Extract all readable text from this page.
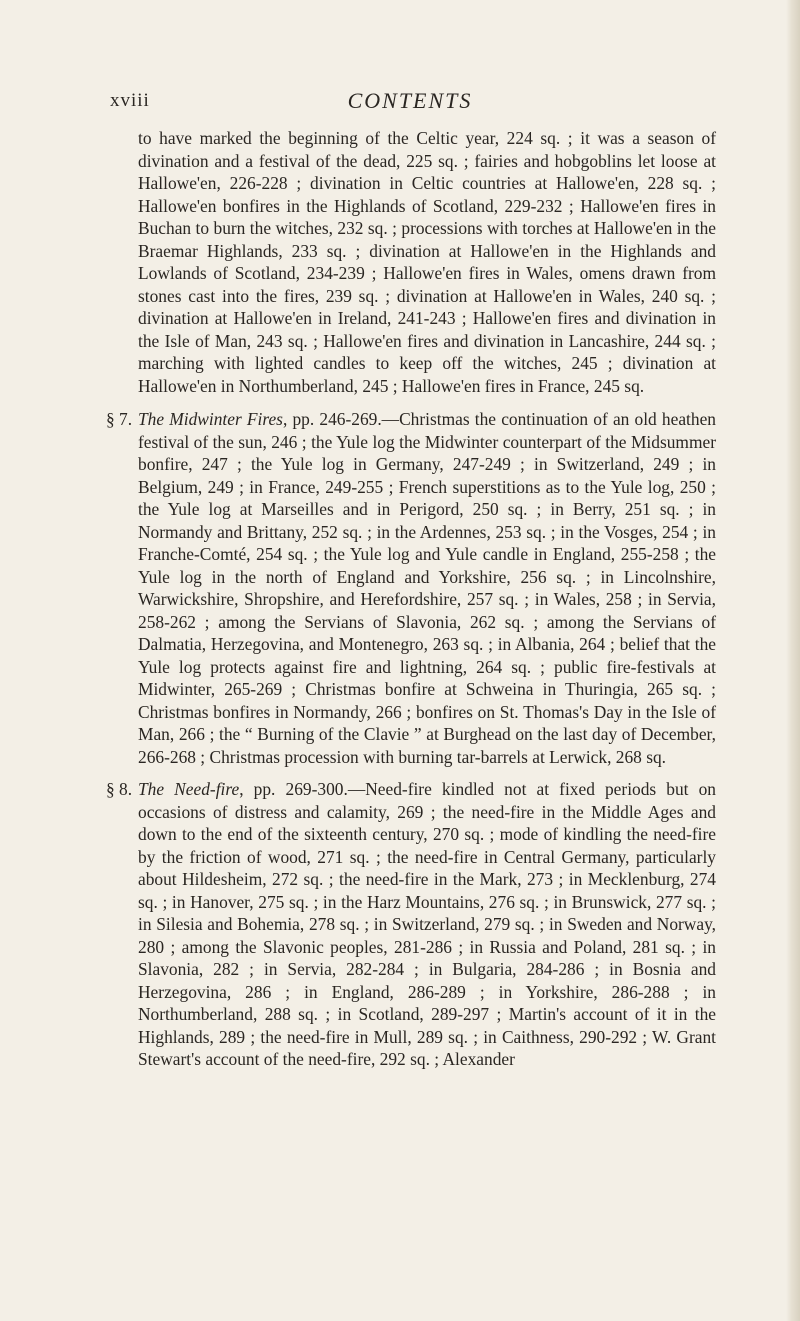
xviii	CONTENTS

to have marked the beginning of the Celtic year, 224 sq. ; it was a season of divination and a festival of the dead, 225 sq. ; fairies and hobgoblins let loose at Hallowe'en, 226-228 ; divination in Celtic countries at Hallowe'en, 228 sq. ; Hallowe'en bonfires in the Highlands of Scotland, 229-232 ; Hallowe'en fires in Buchan to burn the witches, 232 sq. ; processions with torches at Hallowe'en in the Braemar Highlands, 233 sq. ; divination at Hallowe'en in the Highlands and Lowlands of Scotland, 234-239 ; Hallowe'en fires in Wales, omens drawn from stones cast into the fires, 239 sq. ; divination at Hallowe'en in Wales, 240 sq. ; divination at Hallowe'en in Ireland, 241-243 ; Hallowe'en fires and divination in the Isle of Man, 243 sq. ; Hallowe'en fires and divination in Lancashire, 244 sq. ; marching with lighted candles to keep off the witches, 245 ; divination at Hallowe'en in Northumberland, 245 ; Hallowe'en fires in France, 245 sq.

§ 7. The Midwinter Fires, pp. 246-269.—Christmas the continuation of an old heathen festival of the sun, 246 ; the Yule log the Midwinter counterpart of the Midsummer bonfire, 247 ; the Yule log in Germany, 247-249 ; in Switzerland, 249 ; in Belgium, 249 ; in France, 249-255 ; French superstitions as to the Yule log, 250 ; the Yule log at Marseilles and in Perigord, 250 sq. ; in Berry, 251 sq. ; in Normandy and Brittany, 252 sq. ; in the Ardennes, 253 sq. ; in the Vosges, 254 ; in Franche-Comté, 254 sq. ; the Yule log and Yule candle in England, 255-258 ; the Yule log in the north of England and Yorkshire, 256 sq. ; in Lincolnshire, Warwickshire, Shropshire, and Herefordshire, 257 sq. ; in Wales, 258 ; in Servia, 258-262 ; among the Servians of Slavonia, 262 sq. ; among the Servians of Dalmatia, Herzegovina, and Montenegro, 263 sq. ; in Albania, 264 ; belief that the Yule log protects against fire and lightning, 264 sq. ; public fire-festivals at Midwinter, 265-269 ; Christmas bonfire at Schweina in Thuringia, 265 sq. ; Christmas bonfires in Normandy, 266 ; bonfires on St. Thomas's Day in the Isle of Man, 266 ; the “ Burning of the Clavie ” at Burghead on the last day of December, 266-268 ; Christmas procession with burning tar-barrels at Lerwick, 268 sq.

§ 8. The Need-fire, pp. 269-300.—Need-fire kindled not at fixed periods but on occasions of distress and calamity, 269 ; the need-fire in the Middle Ages and down to the end of the sixteenth century, 270 sq. ; mode of kindling the need-fire by the friction of wood, 271 sq. ; the need-fire in Central Germany, particularly about Hildesheim, 272 sq. ; the need-fire in the Mark, 273 ; in Mecklenburg, 274 sq. ; in Hanover, 275 sq. ; in the Harz Mountains, 276 sq. ; in Brunswick, 277 sq. ; in Silesia and Bohemia, 278 sq. ; in Switzerland, 279 sq. ; in Sweden and Norway, 280 ; among the Slavonic peoples, 281-286 ; in Russia and Poland, 281 sq. ; in Slavonia, 282 ; in Servia, 282-284 ; in Bulgaria, 284-286 ; in Bosnia and Herzegovina, 286 ; in England, 286-289 ; in Yorkshire, 286-288 ; in Northumberland, 288 sq. ; in Scotland, 289-297 ; Martin's account of it in the Highlands, 289 ; the need-fire in Mull, 289 sq. ; in Caithness, 290-292 ; W. Grant Stewart's account of the need-fire, 292 sq. ; Alexander
